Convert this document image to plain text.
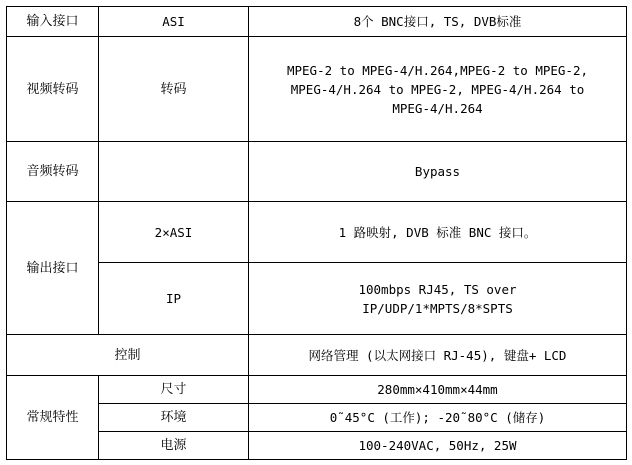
输入接口	ASI	8个 BNC接口, TS, DVB标准
视频转码	转码	MPEG-2 to MPEG-4/H.264,MPEG-2 to MPEG-2,
MPEG-4/H.264 to MPEG-2, MPEG-4/H.264 to
MPEG-4/H.264

音频转码		Bypass
输出接口	2×ASI	1 路映射, DVB 标准 BNC 接口。
	IP	100mbps RJ45, TS over
IP/UDP/1*MPTS/8*SPTS

控制		网络管理 (以太网接口 RJ-45), 键盘+ LCD
常规特性	尺寸	280mm×410mm×44mm
	环境	0˜45°C (工作); -20˜80°C (储存)
	电源	100-240VAC, 50Hz, 25W
